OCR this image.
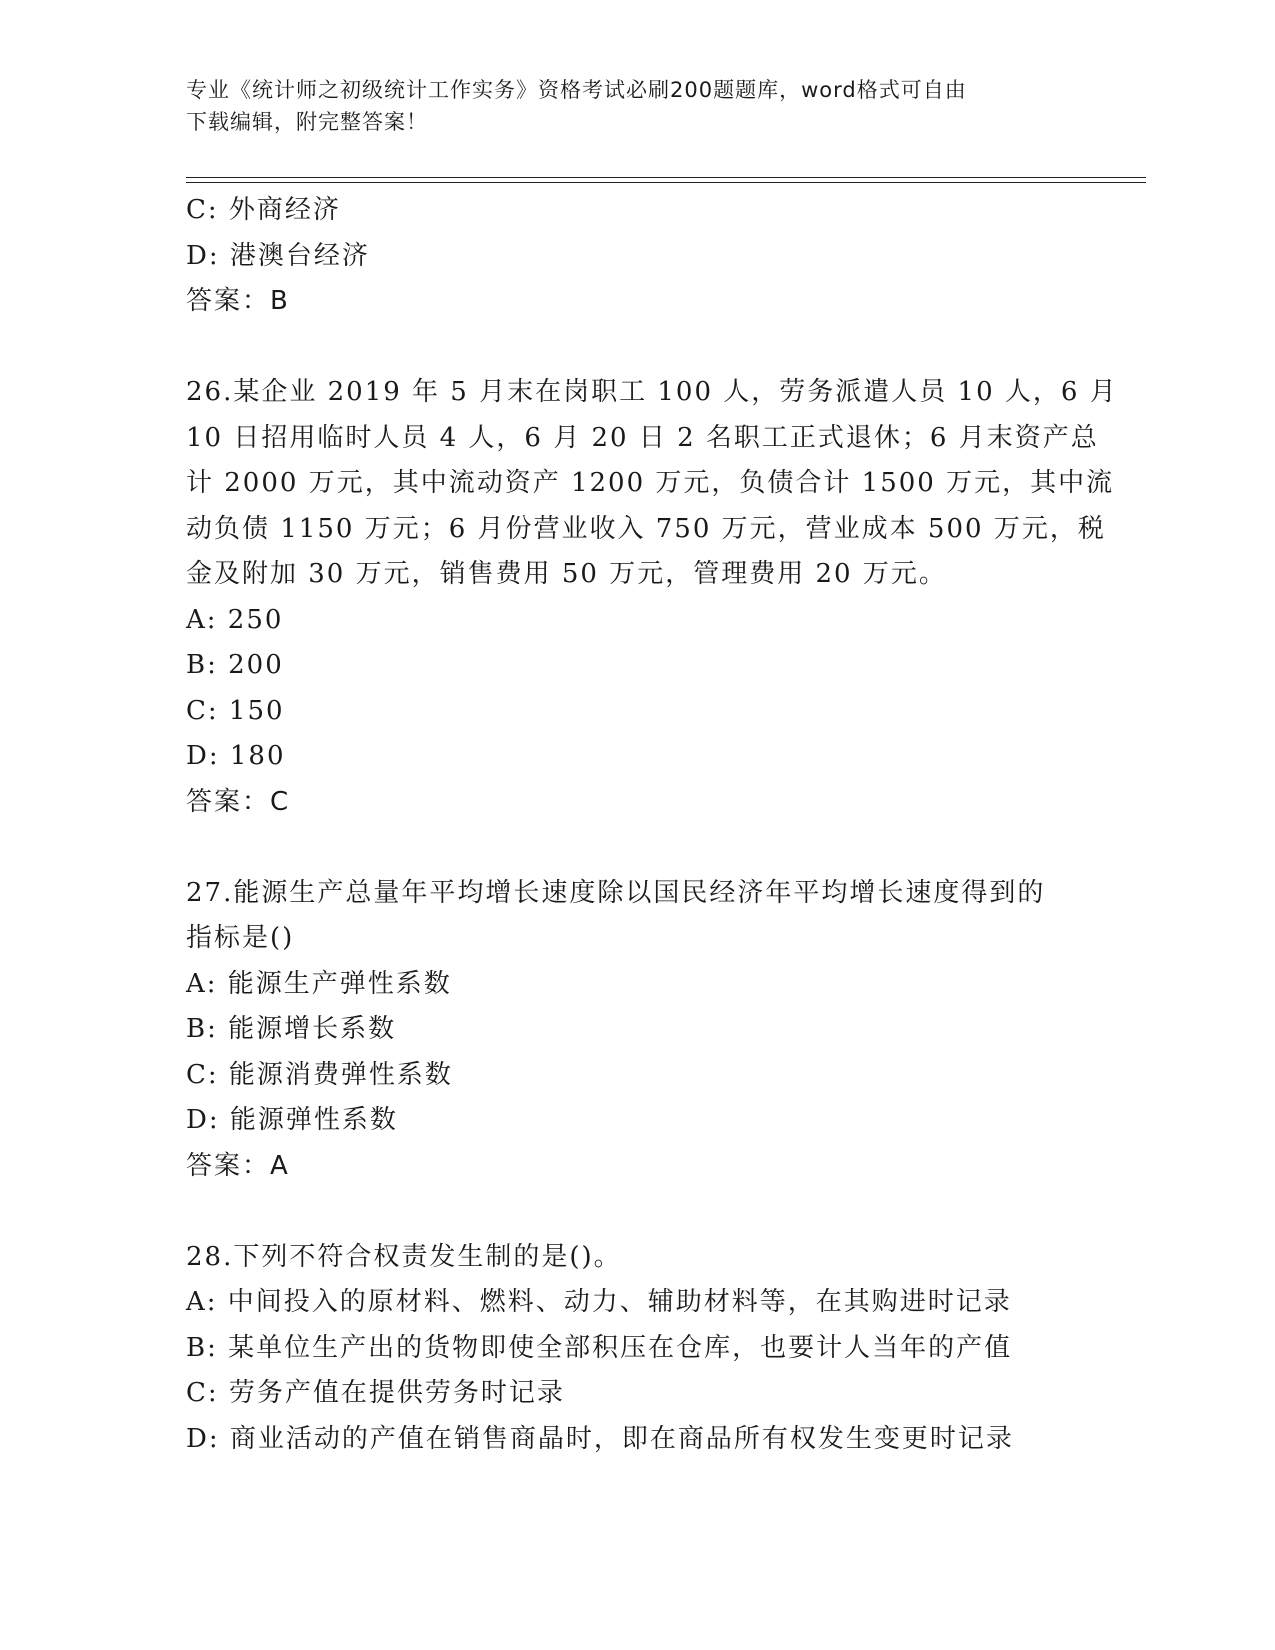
专业《统计师之初级统计工作实务》资格考试必刷200题题库，word格式可自由
下载编辑，附完整答案！
C: 外商经济
D: 港澳台经济
答案：B
26.某企业 2019 年 5 月末在岗职工 100 人，劳务派遣人员 10 人，6 月
10 日招用临时人员 4 人，6 月 20 日 2 名职工正式退休；6 月末资产总
计 2000 万元，其中流动资产 1200 万元，负债合计 1500 万元，其中流
动负债 1150 万元；6 月份营业收入 750 万元，营业成本 500 万元，税
金及附加 30 万元，销售费用 50 万元，管理费用 20 万元。
A: 250
B: 200
C: 150
D: 180
答案：C
27.能源生产总量年平均增长速度除以国民经济年平均增长速度得到的
指标是()
A: 能源生产弹性系数
B: 能源增长系数
C: 能源消费弹性系数
D: 能源弹性系数
答案：A
28.下列不符合权责发生制的是()。
A: 中间投入的原材料、燃料、动力、辅助材料等，在其购进时记录
B: 某单位生产出的货物即使全部积压在仓库，也要计人当年的产值
C: 劳务产值在提供劳务时记录
D: 商业活动的产值在销售商晶时，即在商品所有权发生变更时记录
